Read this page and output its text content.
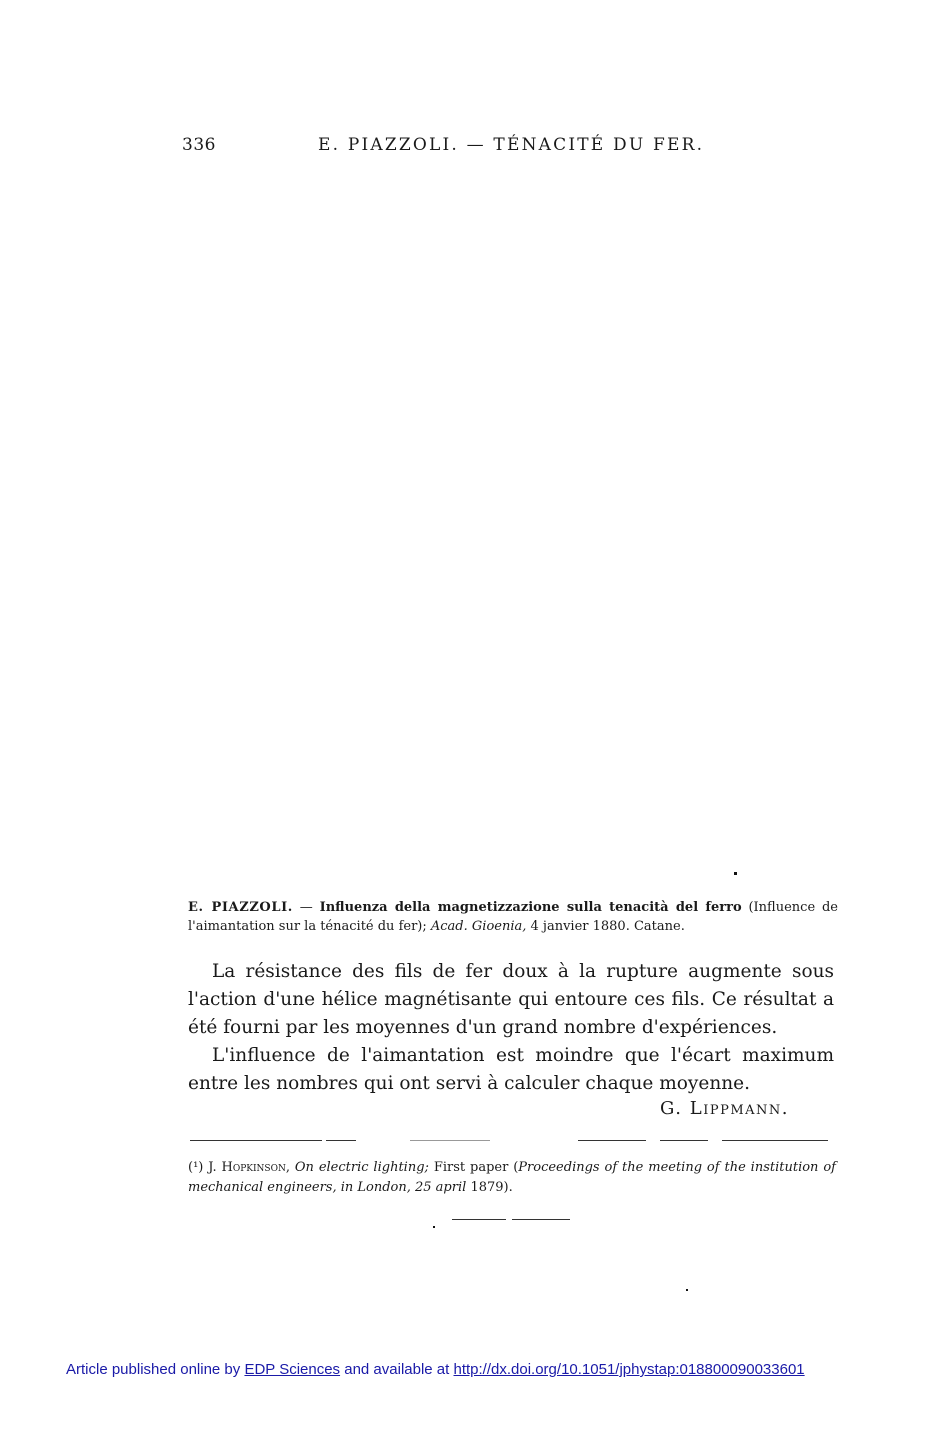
336	E. PIAZZOLI. — TÉNACITÉ DU FER.
E. PIAZZOLI. — Influenza della magnetizzazione sulla tenacità del ferro (Influence de l'aimantation sur la ténacité du fer); Acad. Gioenia, 4 janvier 1880. Catane.

La résistance des fils de fer doux à la rupture augmente sous l'action d'une hélice magnétisante qui entoure ces fils. Ce résultat a été fourni par les moyennes d'un grand nombre d'expériences.

L'influence de l'aimantation est moindre que l'écart maximum entre les nombres qui ont servi à calculer chaque moyenne.

G. Lippmann.
(¹) J. Hopkinson, On electric lighting; First paper (Proceedings of the meeting of the institution of mechanical engineers, in London, 25 april 1879).
Article published online by EDP Sciences and available at http://dx.doi.org/10.1051/jphystap:018800090033601
